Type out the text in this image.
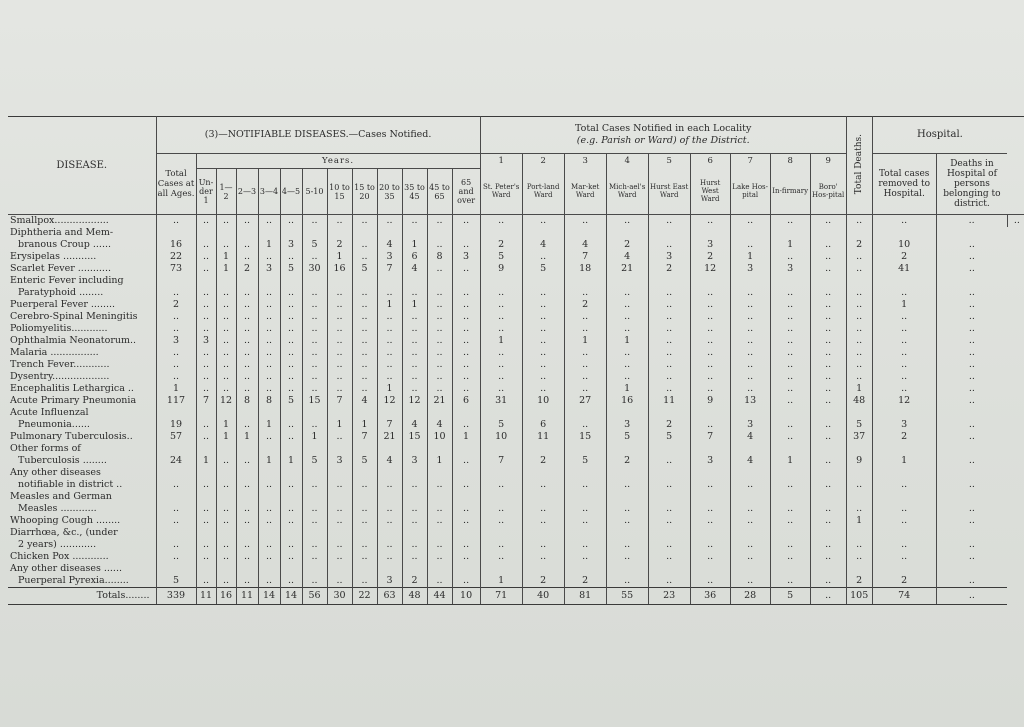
DISEASE.	(3)—NOTIFIABLE DISEASES.—Cases Notified.													Total Cases Notified in each Locality
(e.g. Parish or Ward) of the District.									Total Deaths.	Hospital.		
	Total Cases at all Ages.	Years.												1	2	3	4	5	6	7	8	9		Total cases removed to Hospital.	Deaths in Hospital of persons belonging to district.	
		Un-der 1	1—2	2—3	3—4	4—5	5-10	10 to 15	15 to 20	20 to 35	35 to 45	45 to 65	65 and over	St. Peter's Ward	Port-land Ward	Mar-ket Ward	Mich-ael's Ward	Hurst East Ward	Hurst West Ward	Lake Hos-pital	In-firmary	Boro' Hos-pital				

Smallpox..................	..	..	..	..	..	..	..	..	..	..	..	..	..	..	..	..	..	..	..	..	..	..	..	..	..	..

Diphtheria and Mem-
branous Croup ......	16	..	..	..	1	3	5	2	..	4	1	..	..	2	4	4	2	..	3	..	1	..	2	10	..	

Erysipelas ...........	22	..	1	..	..	..	..	1	..	3	6	8	3	5	..	7	4	3	2	1	..	..	..	2	..	

Scarlet Fever ...........	73	..	1	2	3	5	30	16	5	7	4	..	..	9	5	18	21	2	12	3	3	..	..	41	..	

Enteric Fever including
Paratyphoid ........	..	..	..	..	..	..	..	..	..	..	..	..	..	..	..	..	..	..	..	..	..	..	..	..	..	

Puerperal Fever ........	2	..	..	..	..	..	..	..	..	1	1	..	..	..	..	2	..	..	..	..	..	..	..	1	..	

Cerebro-Spinal Meningitis	..	..	..	..	..	..	..	..	..	..	..	..	..	..	..	..	..	..	..	..	..	..	..	..	..	

Poliomyelitis............	..	..	..	..	..	..	..	..	..	..	..	..	..	..	..	..	..	..	..	..	..	..	..	..	..	

Ophthalmia Neonatorum..	3	3	..	..	..	..	..	..	..	..	..	..	..	1	..	1	1	..	..	..	..	..	..	..	..	

Malaria ................	..	..	..	..	..	..	..	..	..	..	..	..	..	..	..	..	..	..	..	..	..	..	..	..	..	

Trench Fever............	..	..	..	..	..	..	..	..	..	..	..	..	..	..	..	..	..	..	..	..	..	..	..	..	..	

Dysentry...................	..	..	..	..	..	..	..	..	..	..	..	..	..	..	..	..	..	..	..	..	..	..	..	..	..	

Encephalitis Lethargica ..	1	..	..	..	..	..	..	..	..	1	..	..	..	..	..	..	1	..	..	..	..	..	1	..	..	

Acute Primary Pneumonia	117	7	12	8	8	5	15	7	4	12	12	21	6	31	10	27	16	11	9	13	..	..	48	12	..	

Acute Influenzal
Pneumonia......	19	..	1	..	1	..	..	1	1	7	4	4	..	5	6	..	3	2	..	3	..	..	5	3	..	

Pulmonary Tuberculosis..	57	..	1	1	..	..	1	..	7	21	15	10	1	10	11	15	5	5	7	4	..	..	37	2	..	

Other forms of
Tuberculosis ........	24	1	..	..	1	1	5	3	5	4	3	1	..	7	2	5	2	..	3	4	1	..	9	1	..	

Any other diseases
notifiable in district ..	..	..	..	..	..	..	..	..	..	..	..	..	..	..	..	..	..	..	..	..	..	..	..	..	..	

Measles and German
Measles ............	..	..	..	..	..	..	..	..	..	..	..	..	..	..	..	..	..	..	..	..	..	..	..	..	..	

Whooping Cough ........	..	..	..	..	..	..	..	..	..	..	..	..	..	..	..	..	..	..	..	..	..	..	1	..	..	

Diarrhœa, &c., (under
2 years) ............	..	..	..	..	..	..	..	..	..	..	..	..	..	..	..	..	..	..	..	..	..	..	..	..	..	

Chicken Pox ............	..	..	..	..	..	..	..	..	..	..	..	..	..	..	..	..	..	..	..	..	..	..	..	..	..	

Any other diseases ......
Puerperal Pyrexia........	5	..	..	..	..	..	..	..	..	3	2	..	..	1	2	2	..	..	..	..	..	..	2	2	..	
Totals........	339	11	16	11	14	14	56	30	22	63	48	44	10	71	40	81	55	23	36	28	5	..	105	74	..	
